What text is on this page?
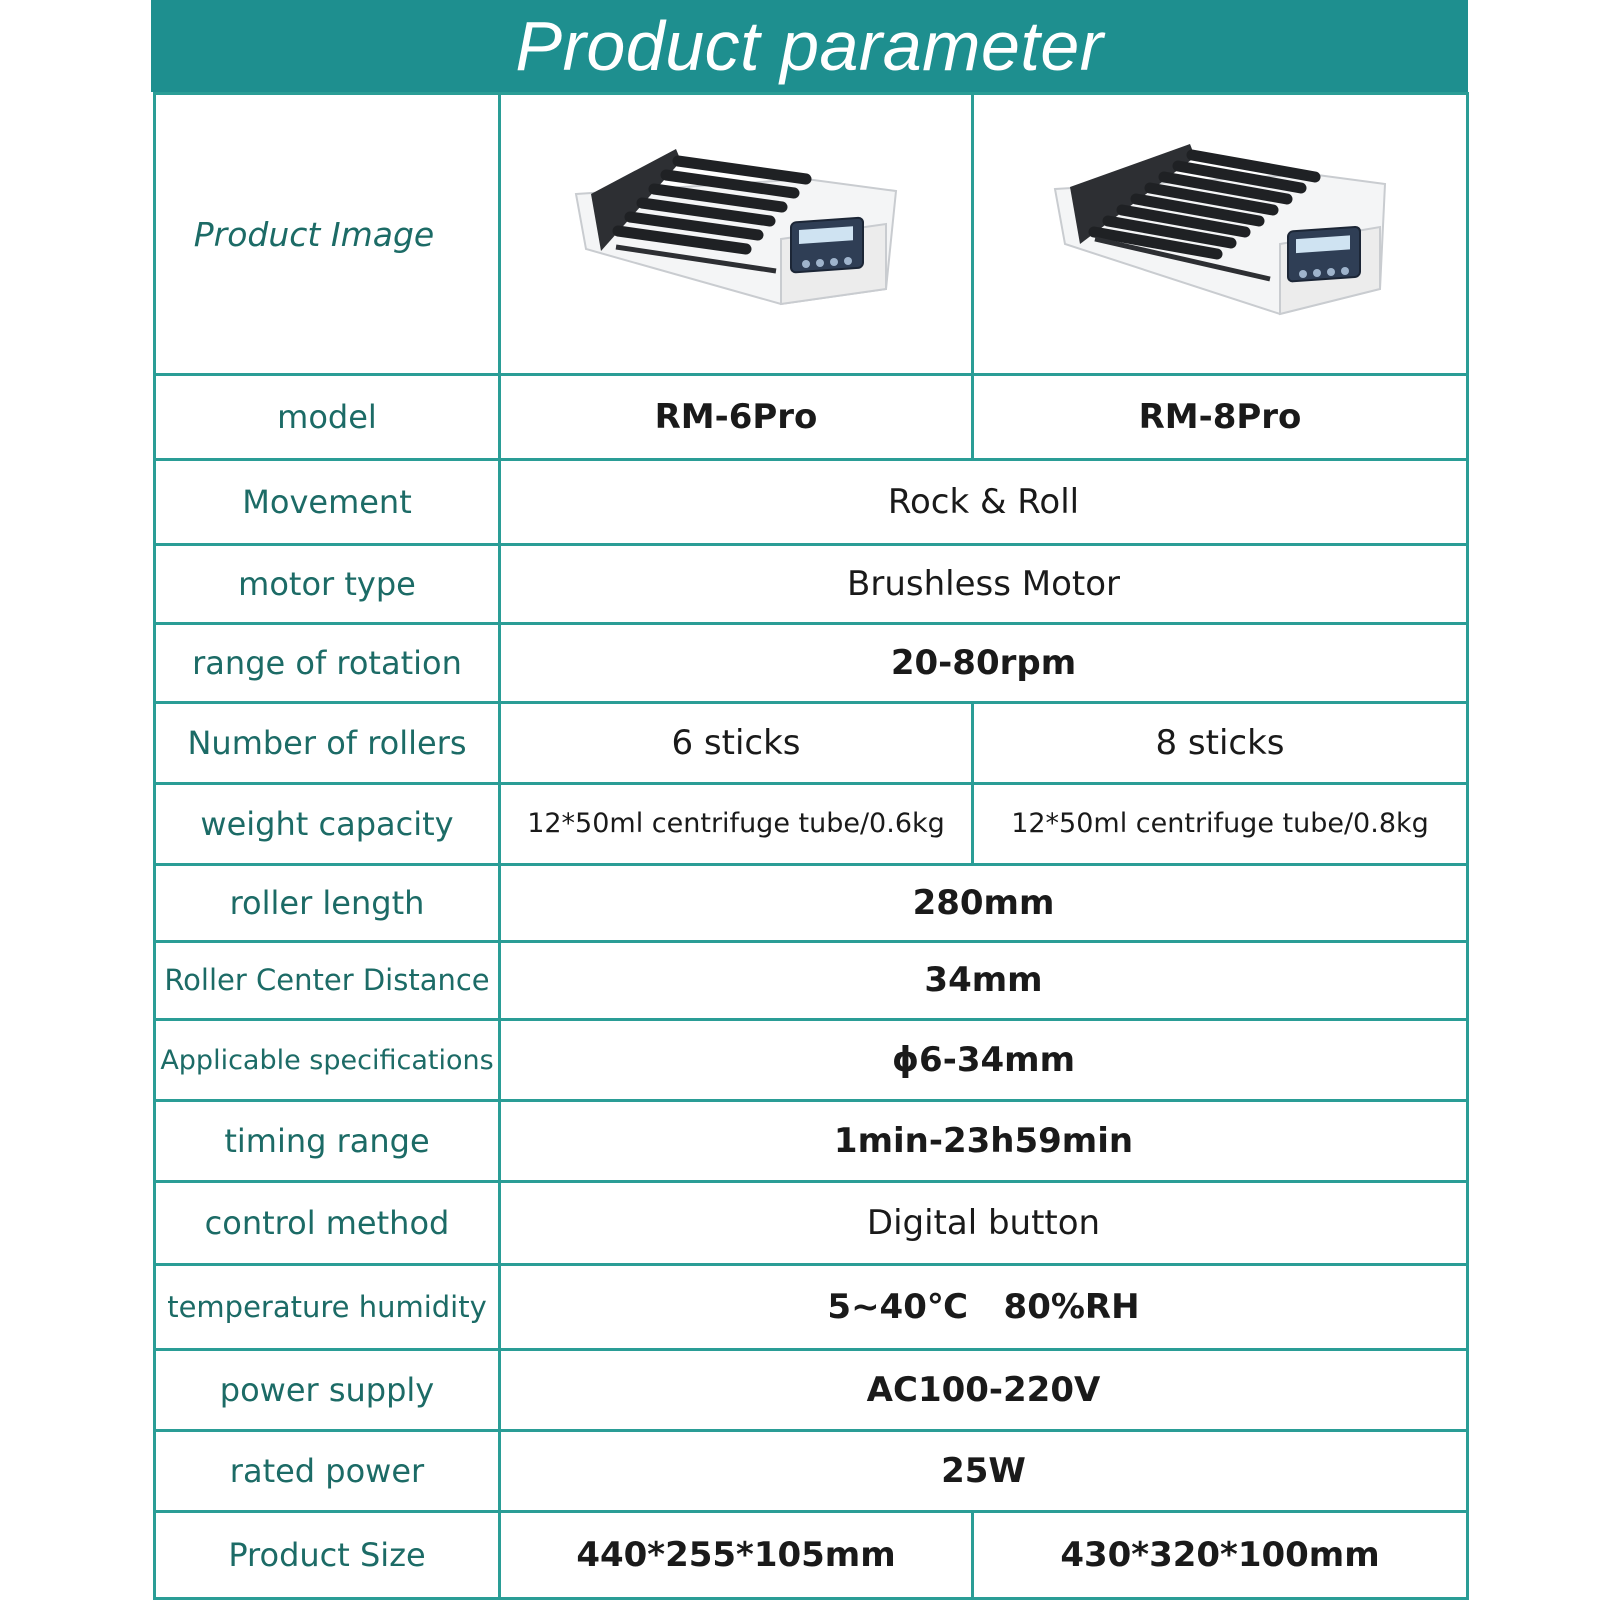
Product parameter
Product Image	

model	RM-6Pro	RM-8Pro
Movement	Rock & Roll	
motor type	Brushless Motor	
range of rotation	20-80rpm	
Number of rollers	6 sticks	8 sticks
weight capacity	12*50ml centrifuge tube/0.6kg	12*50ml centrifuge tube/0.8kg
roller length	280mm	
Roller Center Distance	34mm	
Applicable specifications	ϕ6-34mm	
timing range	1min-23h59min	
control method	Digital button	
temperature humidity	5~40℃   80%RH	
power supply	AC100-220V	
rated power	25W	
Product Size	440*255*105mm	430*320*100mm
